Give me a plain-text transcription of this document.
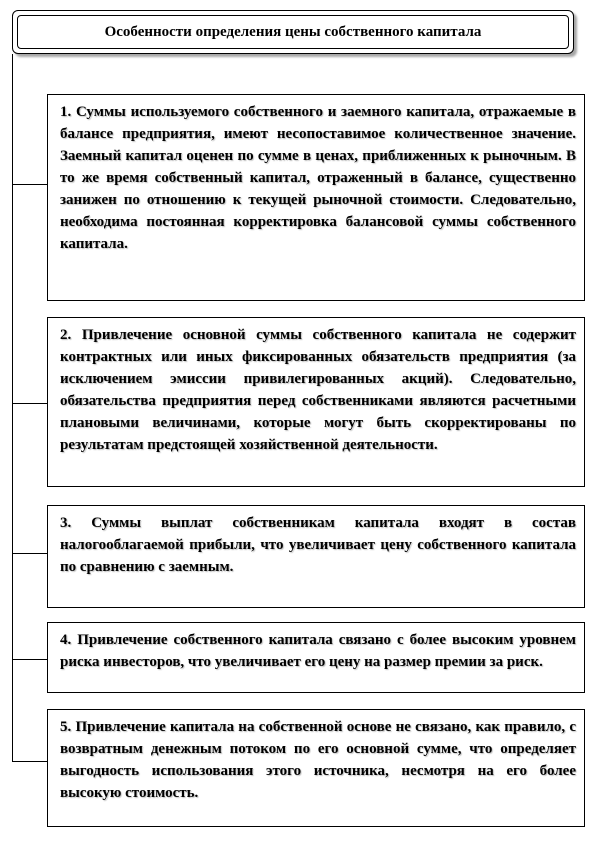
Особенности определения цены собственного капитала
1. Суммы используемого собственного и заемного капитала, отражаемые в балансе предприятия, имеют несопоставимое количественное значение. Заемный капитал оценен по сумме в ценах, приближенных к рыночным. В то же время собственный капитал, отраженный в балансе, существенно занижен по отношению к текущей рыночной стоимости. Следовательно, необходима постоянная корректировка балансовой суммы собственного капитала.
2. Привлечение основной суммы собственного капитала не содержит контрактных или иных фиксированных обязательств предприятия (за исключением эмиссии привилегированных акций). Следовательно, обязательства предприятия перед собственниками являются расчетными плановыми величинами, которые могут быть скорректированы по результатам предстоящей хозяйственной деятельности.
3. Суммы выплат собственникам капитала входят в состав налогооблагаемой прибыли, что увеличивает цену собственного капитала по сравнению с заемным.
4. Привлечение собственного капитала связано с более высоким уровнем риска инвесторов, что увеличивает его цену на размер премии за риск.
5. Привлечение капитала на собственной основе не связано, как правило, с возвратным денежным потоком по его основной сумме, что определяет выгодность использования этого источника, несмотря на его более высокую стоимость.
